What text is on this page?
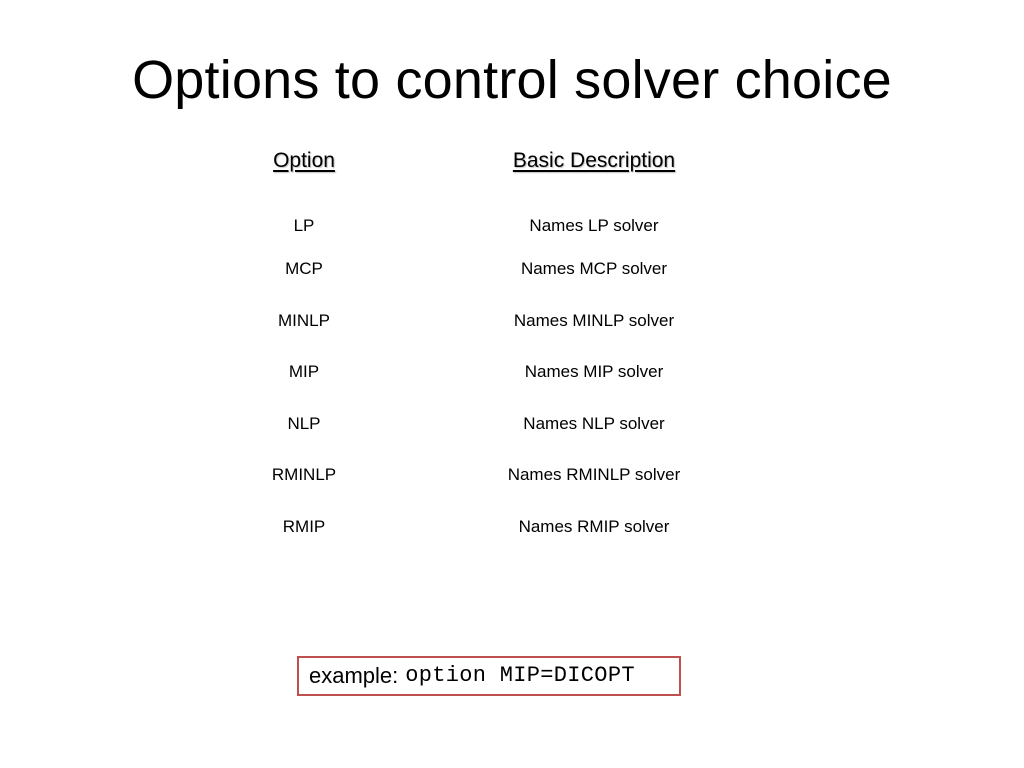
Options to control solver choice
Option	Basic Description
LP	Names LP solver
MCP	Names MCP solver
MINLP	Names MINLP solver
MIP	Names MIP solver
NLP	Names NLP solver
RMINLP	Names RMINLP solver
RMIP	Names RMIP solver
example: option MIP=DICOPT
